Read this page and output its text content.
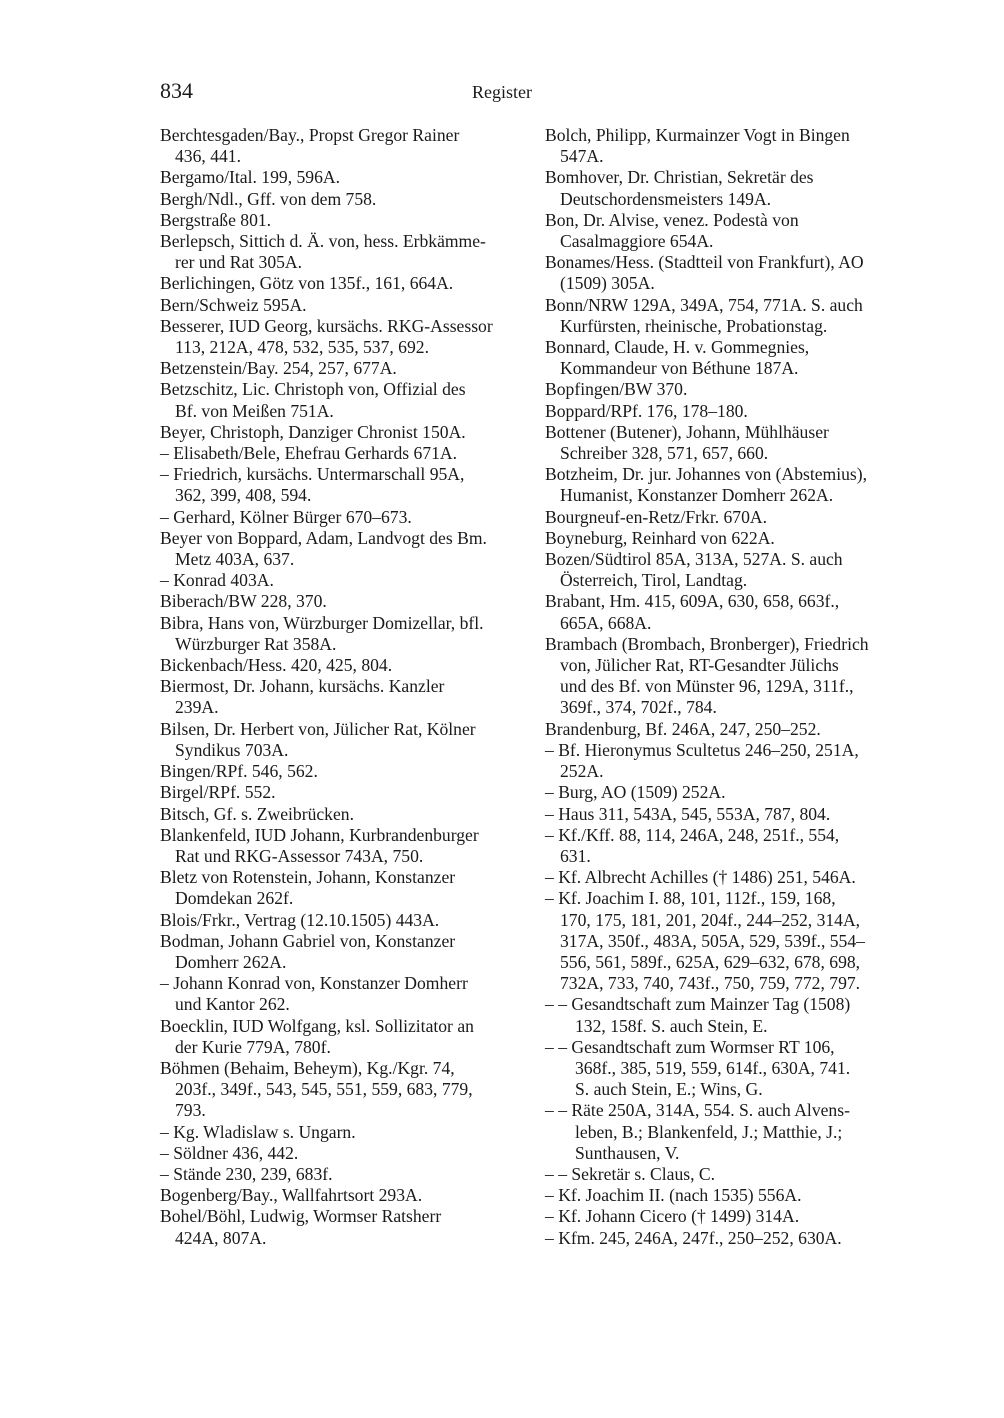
834	Register
Berchtesgaden/Bay., Propst Gregor Rainer
436, 441.
Bergamo/Ital. 199, 596A.
Bergh/Ndl., Gff. von dem 758.
Bergstraße 801.
Berlepsch, Sittich d. Ä. von, hess. Erbkämme-
rer und Rat 305A.
Berlichingen, Götz von 135f., 161, 664A.
Bern/Schweiz 595A.
Besserer, IUD Georg, kursächs. RKG-Assessor
113, 212A, 478, 532, 535, 537, 692.
Betzenstein/Bay. 254, 257, 677A.
Betzschitz, Lic. Christoph von, Offizial des
Bf. von Meißen 751A.
Beyer, Christoph, Danziger Chronist 150A.
– Elisabeth/Bele, Ehefrau Gerhards 671A.
– Friedrich, kursächs. Untermarschall 95A,
362, 399, 408, 594.
– Gerhard, Kölner Bürger 670–673.
Beyer von Boppard, Adam, Landvogt des Bm.
Metz 403A, 637.
– Konrad 403A.
Biberach/BW 228, 370.
Bibra, Hans von, Würzburger Domizellar, bfl.
Würzburger Rat 358A.
Bickenbach/Hess. 420, 425, 804.
Biermost, Dr. Johann, kursächs. Kanzler
239A.
Bilsen, Dr. Herbert von, Jülicher Rat, Kölner
Syndikus 703A.
Bingen/RPf. 546, 562.
Birgel/RPf. 552.
Bitsch, Gf. s. Zweibrücken.
Blankenfeld, IUD Johann, Kurbrandenburger
Rat und RKG-Assessor 743A, 750.
Bletz von Rotenstein, Johann, Konstanzer
Domdekan 262f.
Blois/Frkr., Vertrag (12.10.1505) 443A.
Bodman, Johann Gabriel von, Konstanzer
Domherr 262A.
– Johann Konrad von, Konstanzer Domherr
und Kantor 262.
Boecklin, IUD Wolfgang, ksl. Sollizitator an
der Kurie 779A, 780f.
Böhmen (Behaim, Beheym), Kg./Kgr. 74,
203f., 349f., 543, 545, 551, 559, 683, 779,
793.
– Kg. Wladislaw s. Ungarn.
– Söldner 436, 442.
– Stände 230, 239, 683f.
Bogenberg/Bay., Wallfahrtsort 293A.
Bohel/Böhl, Ludwig, Wormser Ratsherr
424A, 807A.
Bolch, Philipp, Kurmainzer Vogt in Bingen
547A.
Bomhover, Dr. Christian, Sekretär des
Deutschordensmeisters 149A.
Bon, Dr. Alvise, venez. Podestà von
Casalmaggiore 654A.
Bonames/Hess. (Stadtteil von Frankfurt), AO
(1509) 305A.
Bonn/NRW 129A, 349A, 754, 771A. S. auch
Kurfürsten, rheinische, Probationstag.
Bonnard, Claude, H. v. Gommegnies,
Kommandeur von Béthune 187A.
Bopfingen/BW 370.
Boppard/RPf. 176, 178–180.
Bottener (Butener), Johann, Mühlhäuser
Schreiber 328, 571, 657, 660.
Botzheim, Dr. jur. Johannes von (Abstemius),
Humanist, Konstanzer Domherr 262A.
Bourgneuf-en-Retz/Frkr. 670A.
Boyneburg, Reinhard von 622A.
Bozen/Südtirol 85A, 313A, 527A. S. auch
Österreich, Tirol, Landtag.
Brabant, Hm. 415, 609A, 630, 658, 663f.,
665A, 668A.
Brambach (Brombach, Bronberger), Friedrich
von, Jülicher Rat, RT-Gesandter Jülichs
und des Bf. von Münster 96, 129A, 311f.,
369f., 374, 702f., 784.
Brandenburg, Bf. 246A, 247, 250–252.
– Bf. Hieronymus Scultetus 246–250, 251A,
252A.
– Burg, AO (1509) 252A.
– Haus 311, 543A, 545, 553A, 787, 804.
– Kf./Kff. 88, 114, 246A, 248, 251f., 554,
631.
– Kf. Albrecht Achilles († 1486) 251, 546A.
– Kf. Joachim I. 88, 101, 112f., 159, 168,
170, 175, 181, 201, 204f., 244–252, 314A,
317A, 350f., 483A, 505A, 529, 539f., 554–
556, 561, 589f., 625A, 629–632, 678, 698,
732A, 733, 740, 743f., 750, 759, 772, 797.
– – Gesandtschaft zum Mainzer Tag (1508)
132, 158f. S. auch Stein, E.
– – Gesandtschaft zum Wormser RT 106,
368f., 385, 519, 559, 614f., 630A, 741.
S. auch Stein, E.; Wins, G.
– – Räte 250A, 314A, 554. S. auch Alvens-
leben, B.; Blankenfeld, J.; Matthie, J.;
Sunthausen, V.
– – Sekretär s. Claus, C.
– Kf. Joachim II. (nach 1535) 556A.
– Kf. Johann Cicero († 1499) 314A.
– Kfm. 245, 246A, 247f., 250–252, 630A.
